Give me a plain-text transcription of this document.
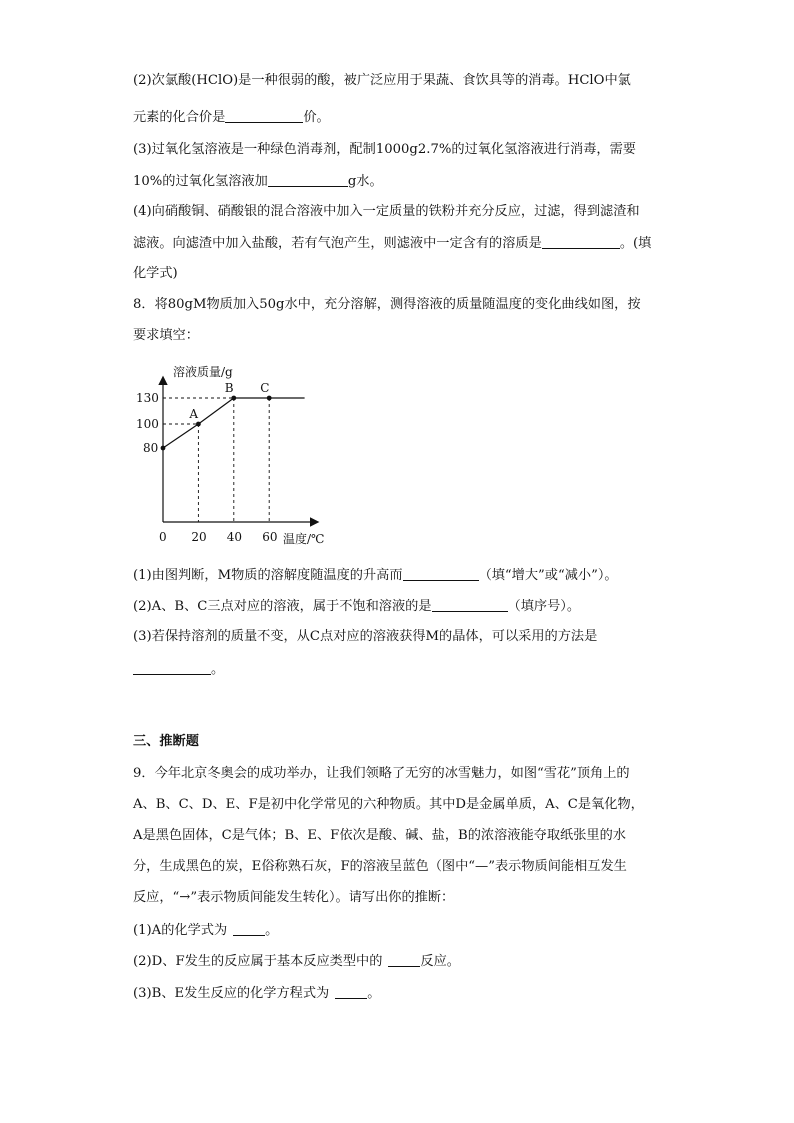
(2)次氯酸(HClO)是一种很弱的酸，被广泛应用于果蔬、食饮具等的消毒。HClO中氯
元素的化合价是	价。
(3)过氧化氢溶液是一种绿色消毒剂，配制1000g2.7%的过氧化氢溶液进行消毒，需要
10%的过氧化氢溶液加	g水。
(4)向硝酸铜、硝酸银的混合溶液中加入一定质量的铁粉并充分反应，过滤，得到滤渣和
滤液。向滤渣中加入盐酸，若有气泡产生，则滤液中一定含有的溶质是	。(填
化学式)
8．将80gM物质加入50g水中，充分溶解，测得溶液的质量随温度的变化曲线如图，按
要求填空：
溶液质量/g
温度/℃
A
B C
0 20 40 60
80
100
130
(1)由图判断，M物质的溶解度随温度的升高而	（填“增大”或“减小”）。
(2)A、B、C三点对应的溶液，属于不饱和溶液的是	（填序号）。
(3)若保持溶剂的质量不变，从C点对应的溶液获得M的晶体，可以采用的方法是
。
三、推断题
9．今年北京冬奥会的成功举办，让我们领略了无穷的冰雪魅力，如图“雪花”顶角上的
A、B、C、D、E、F是初中化学常见的六种物质。其中D是金属单质，A、C是氧化物，
A是黑色固体，C是气体；B、E、F依次是酸、碱、盐，B的浓溶液能夺取纸张里的水
分，生成黑色的炭，E俗称熟石灰，F的溶液呈蓝色（图中“—”表示物质间能相互发生
反应，“→”表示物质间能发生转化）。请写出你的推断：
(1)A的化学式为	。
(2)D、F发生的反应属于基本反应类型中的	反应。
(3)B、E发生反应的化学方程式为	。
